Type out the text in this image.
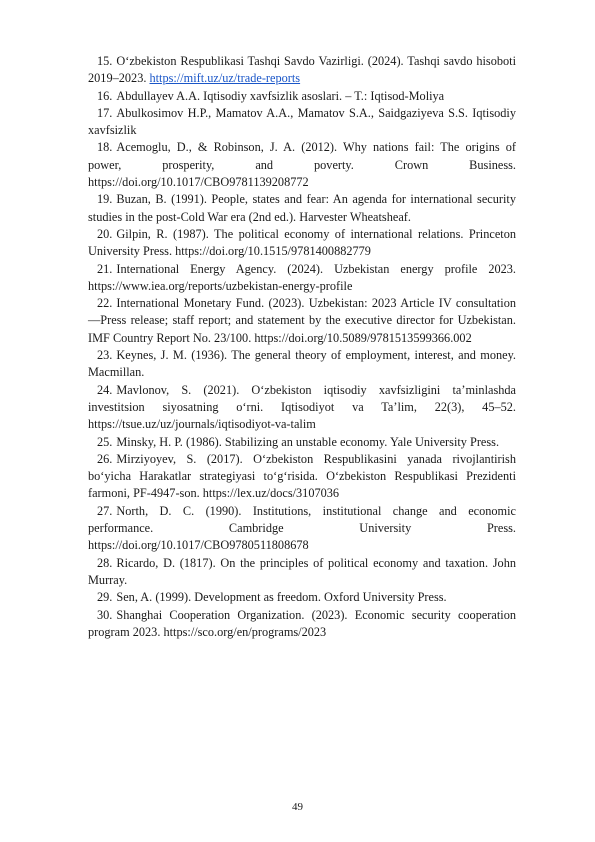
15. O‘zbekiston Respublikasi Tashqi Savdo Vazirligi. (2024). Tashqi savdo hisoboti 2019–2023. https://mift.uz/uz/trade-reports

16. Abdullayev A.A. Iqtisodiy xavfsizlik asoslari. – T.: Iqtisod-Moliya

17. Abulkosimov H.P., Mamatov A.A., Mamatov S.A., Saidgaziyeva S.S. Iqtisodiy xavfsizlik

18. Acemoglu, D., & Robinson, J. A. (2012). Why nations fail: The origins of power, prosperity, and poverty. Crown Business. https://doi.org/10.1017/CBO9781139208772

19. Buzan, B. (1991). People, states and fear: An agenda for international security studies in the post-Cold War era (2nd ed.). Harvester Wheatsheaf.

20. Gilpin, R. (1987). The political economy of international relations. Princeton University Press. https://doi.org/10.1515/9781400882779

21. International Energy Agency. (2024). Uzbekistan energy profile 2023. https://www.iea.org/reports/uzbekistan-energy-profile

22. International Monetary Fund. (2023). Uzbekistan: 2023 Article IV consultation—Press release; staff report; and statement by the executive director for Uzbekistan. IMF Country Report No. 23/100. https://doi.org/10.5089/9781513599366.002

23. Keynes, J. M. (1936). The general theory of employment, interest, and money. Macmillan.

24. Mavlonov, S. (2021). O‘zbekiston iqtisodiy xavfsizligini ta’minlashda investitsion siyosatning o‘rni. Iqtisodiyot va Ta’lim, 22(3), 45–52. https://tsue.uz/uz/journals/iqtisodiyot-va-talim

25. Minsky, H. P. (1986). Stabilizing an unstable economy. Yale University Press.

26. Mirziyoyev, S. (2017). O‘zbekiston Respublikasini yanada rivojlantirish bo‘yicha Harakatlar strategiyasi to‘g‘risida. O‘zbekiston Respublikasi Prezidenti farmoni, PF-4947-son. https://lex.uz/docs/3107036

27. North, D. C. (1990). Institutions, institutional change and economic performance. Cambridge University Press. https://doi.org/10.1017/CBO9780511808678

28. Ricardo, D. (1817). On the principles of political economy and taxation. John Murray.

29. Sen, A. (1999). Development as freedom. Oxford University Press.

30. Shanghai Cooperation Organization. (2023). Economic security cooperation program 2023. https://sco.org/en/programs/2023

49
